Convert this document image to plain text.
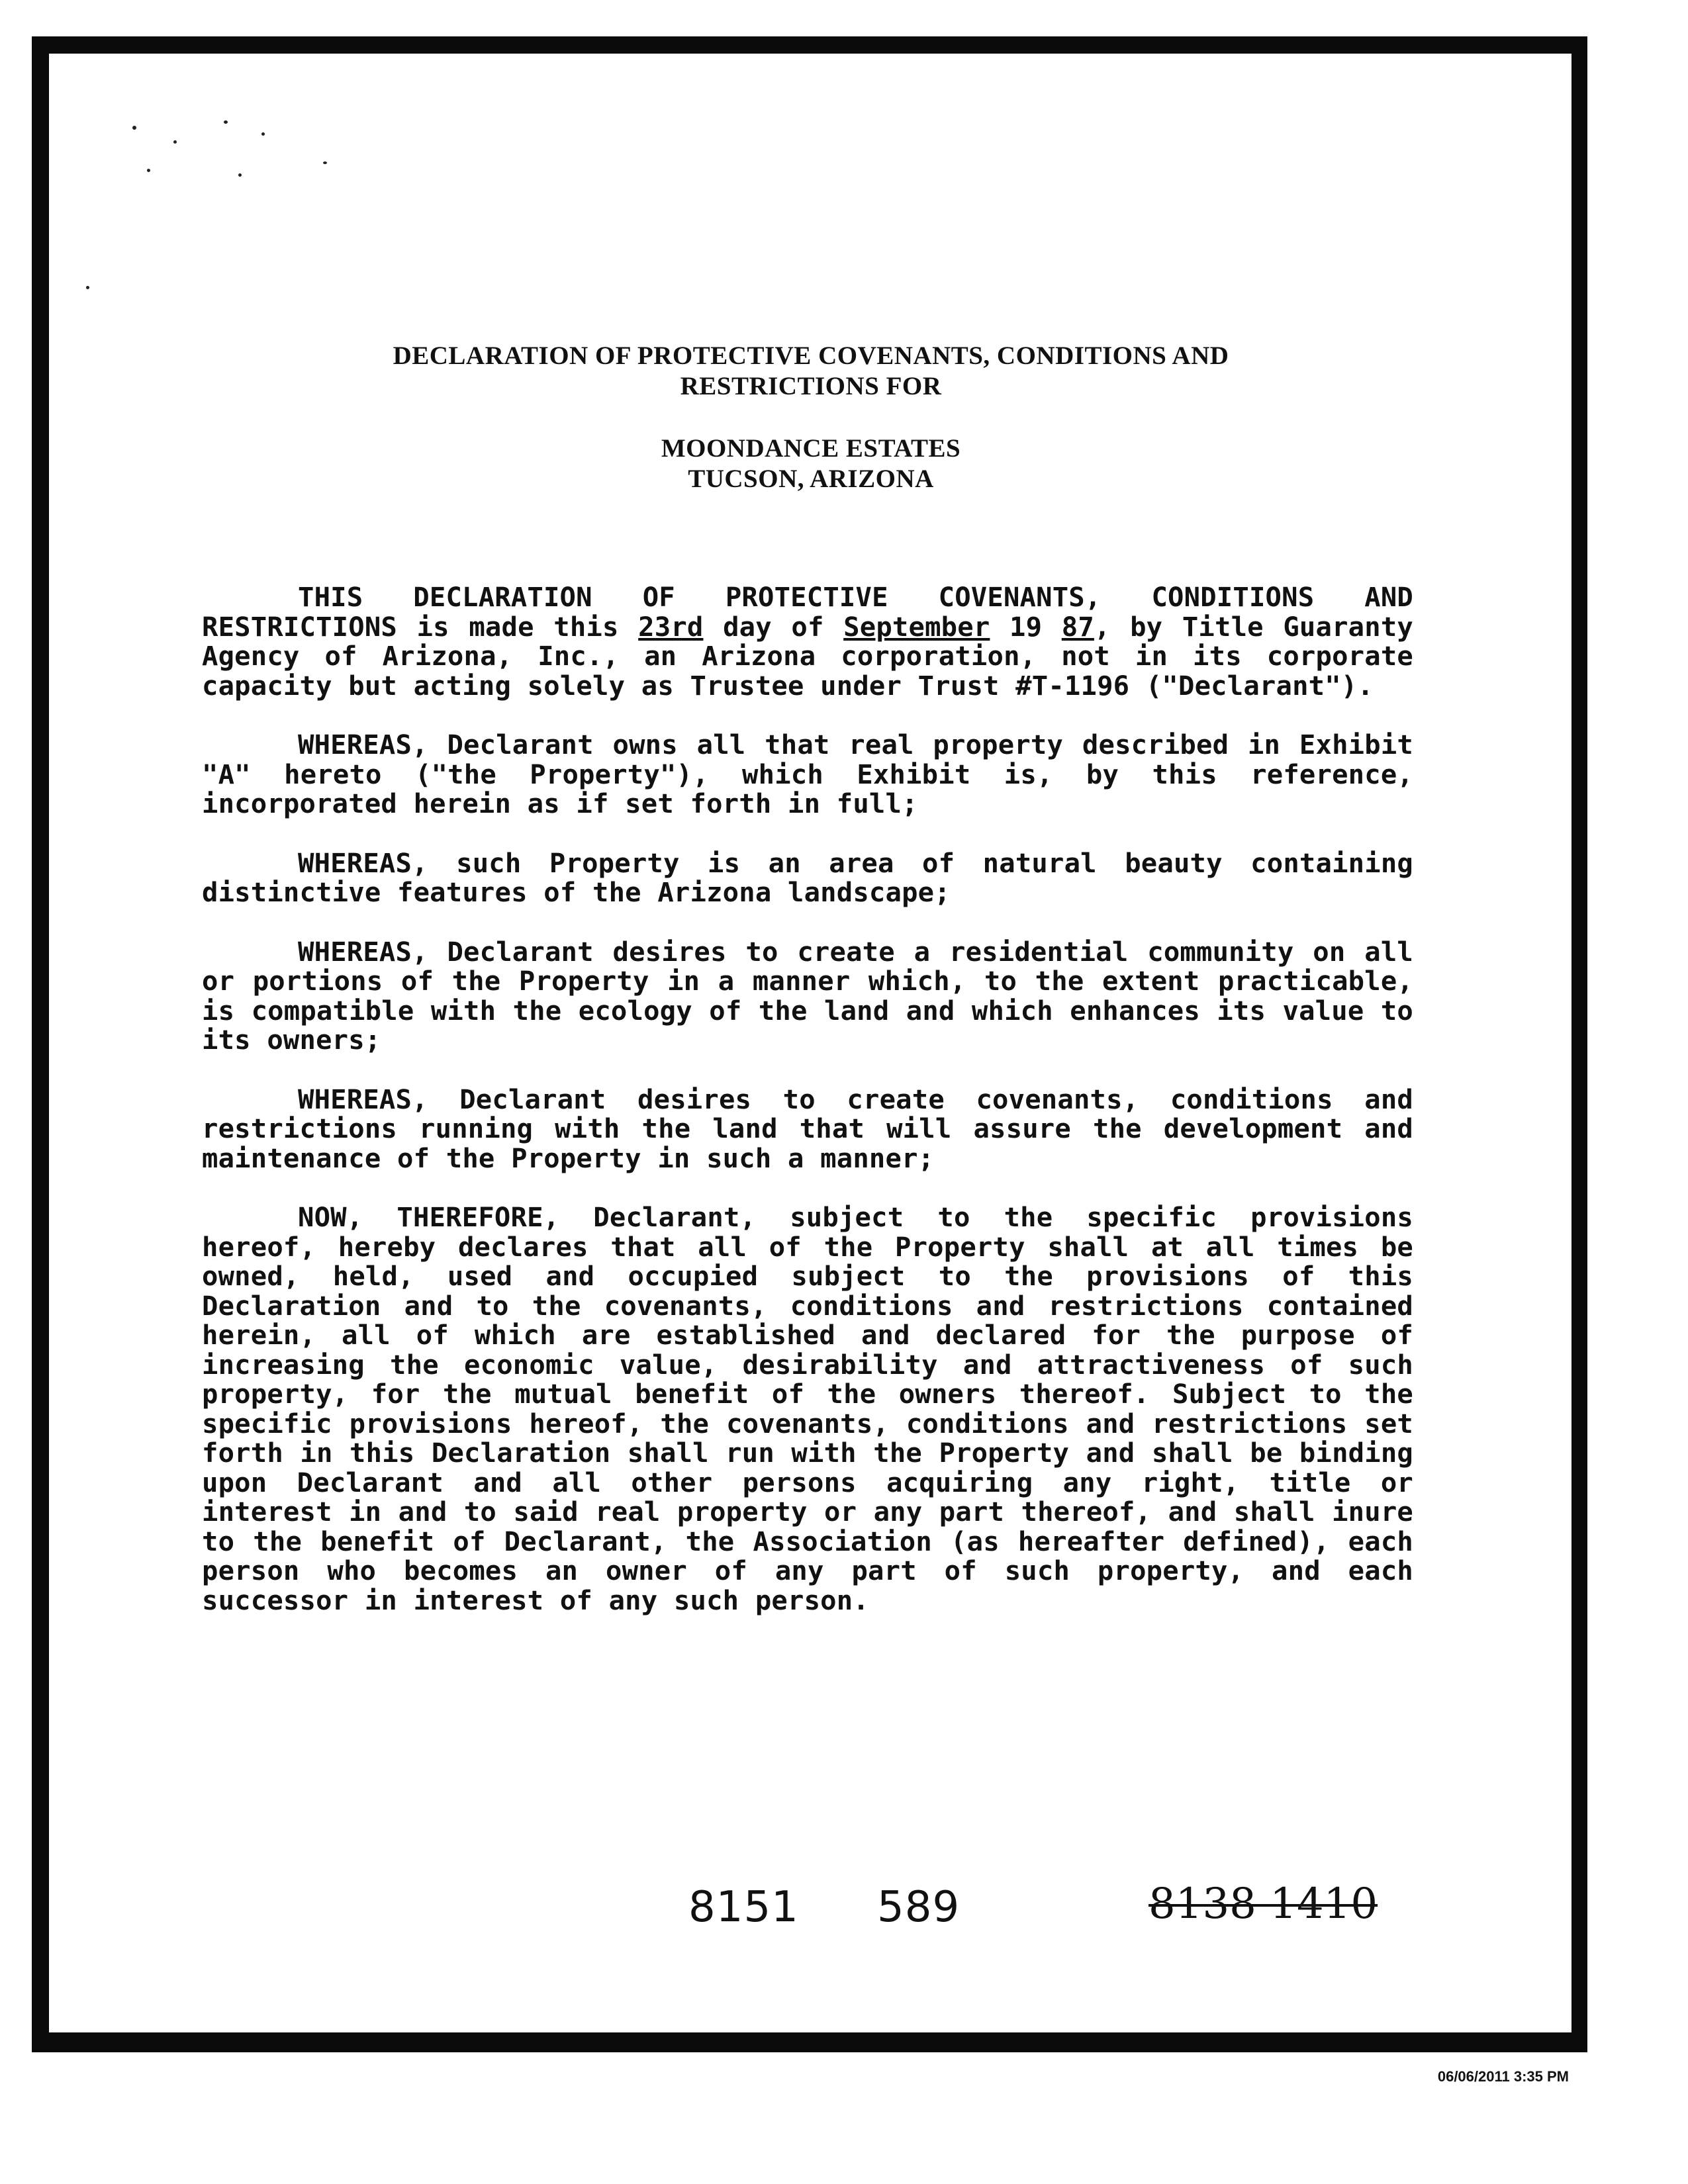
DECLARATION OF PROTECTIVE COVENANTS, CONDITIONS AND
RESTRICTIONS FOR
MOONDANCE ESTATES
TUCSON, ARIZONA

THIS DECLARATION OF PROTECTIVE COVENANTS, CONDITIONS AND RESTRICTIONS is made this 23rd day of September 19 87, by Title Guaranty Agency of Arizona, Inc., an Arizona corporation, not in its corporate capacity but acting solely as Trustee under Trust #T-1196 ("Declarant").

WHEREAS, Declarant owns all that real property described in Exhibit "A" hereto ("the Property"), which Exhibit is, by this reference, incorporated herein as if set forth in full;

WHEREAS, such Property is an area of natural beauty containing distinctive features of the Arizona landscape;

WHEREAS, Declarant desires to create a residential community on all or portions of the Property in a manner which, to the extent practicable, is compatible with the ecology of the land and which enhances its value to its owners;

WHEREAS, Declarant desires to create covenants, conditions and restrictions running with the land that will assure the development and maintenance of the Property in such a manner;

NOW, THEREFORE, Declarant, subject to the specific provisions hereof, hereby declares that all of the Property shall at all times be owned, held, used and occupied subject to the provisions of this Declaration and to the covenants, conditions and restrictions contained herein, all of which are established and declared for the purpose of increasing the economic value, desirability and attractiveness of such property, for the mutual benefit of the owners thereof. Subject to the specific provisions hereof, the covenants, conditions and restrictions set forth in this Declaration shall run with the Property and shall be binding upon Declarant and all other persons acquiring any right, title or interest in and to said real property or any part thereof, and shall inure to the benefit of Declarant, the Association (as hereafter defined), each person who becomes an owner of any part of such property, and each successor in interest of any such person.

8151 589	8138 1410
06/06/2011 3:35 PM
